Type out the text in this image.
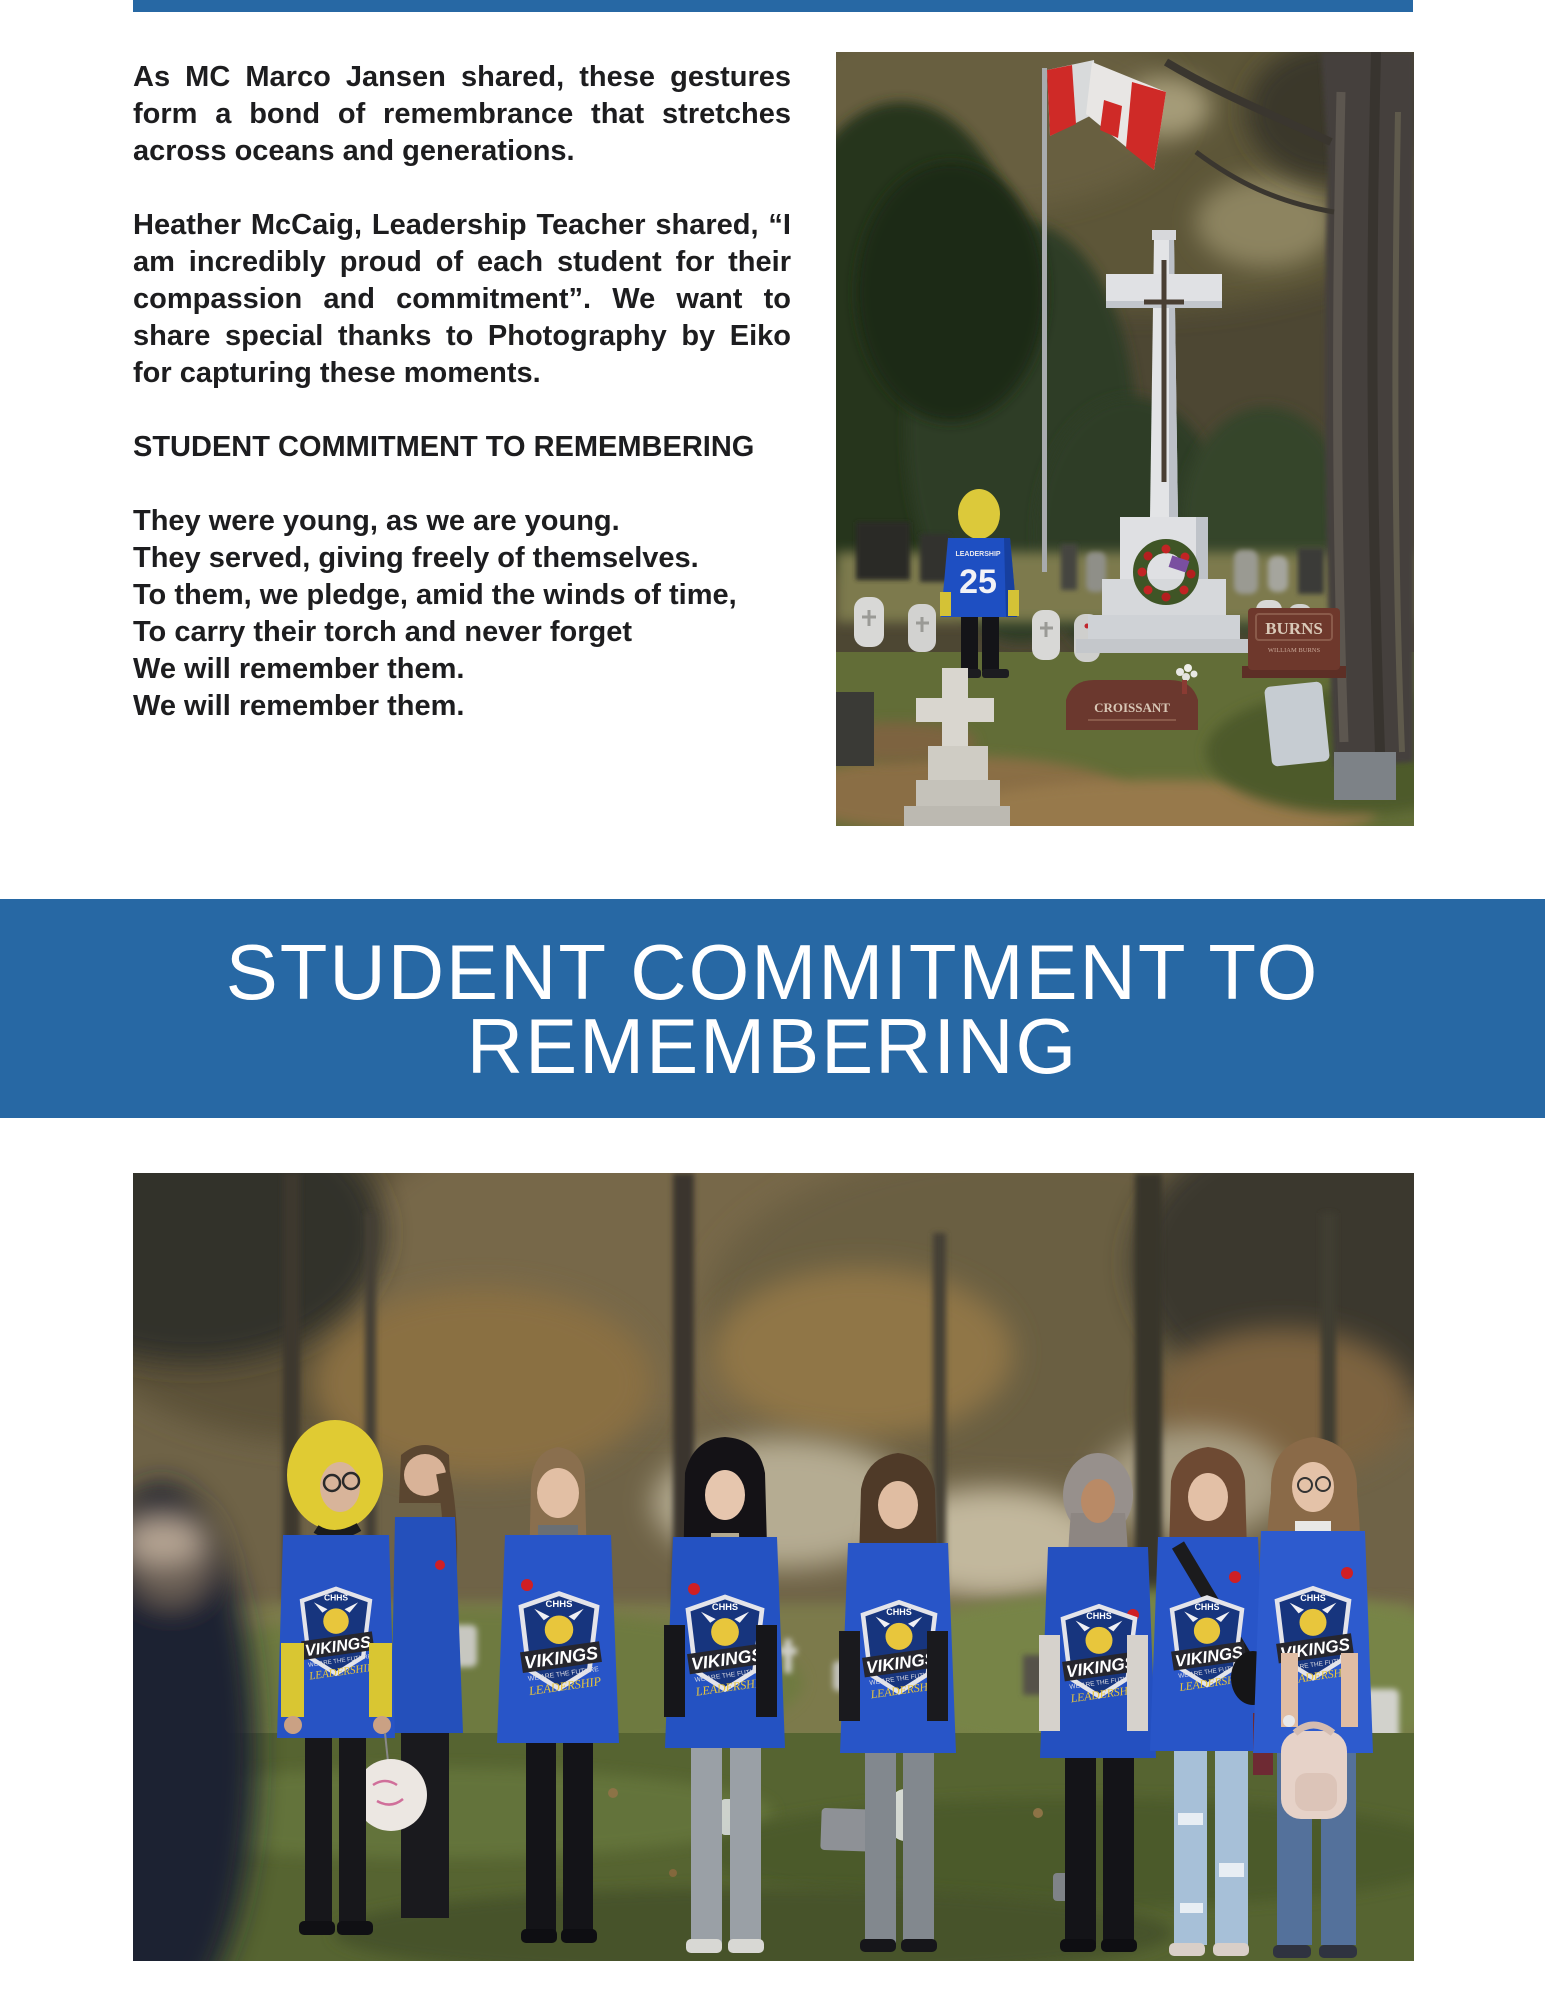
As MC Marco Jansen shared, these gestures form a bond of remembrance that stretches across oceans and generations.

Heather McCaig, Leadership Teacher shared, “I am incredibly proud of each student for their compassion and commitment”. We want to share special thanks to Photography by Eiko for capturing these moments.

STUDENT COMMITMENT TO REMEMBERING
They were young, as we are young.
They served, giving freely of themselves.
To them, we pledge, amid the winds of time,
To carry their torch and never forget
We will remember them.
We will remember them.
LEADERSHIP
25
BURNS
WILLIAM BURNS
CROISSANT
STUDENT COMMITMENT TO
REMEMBERING
